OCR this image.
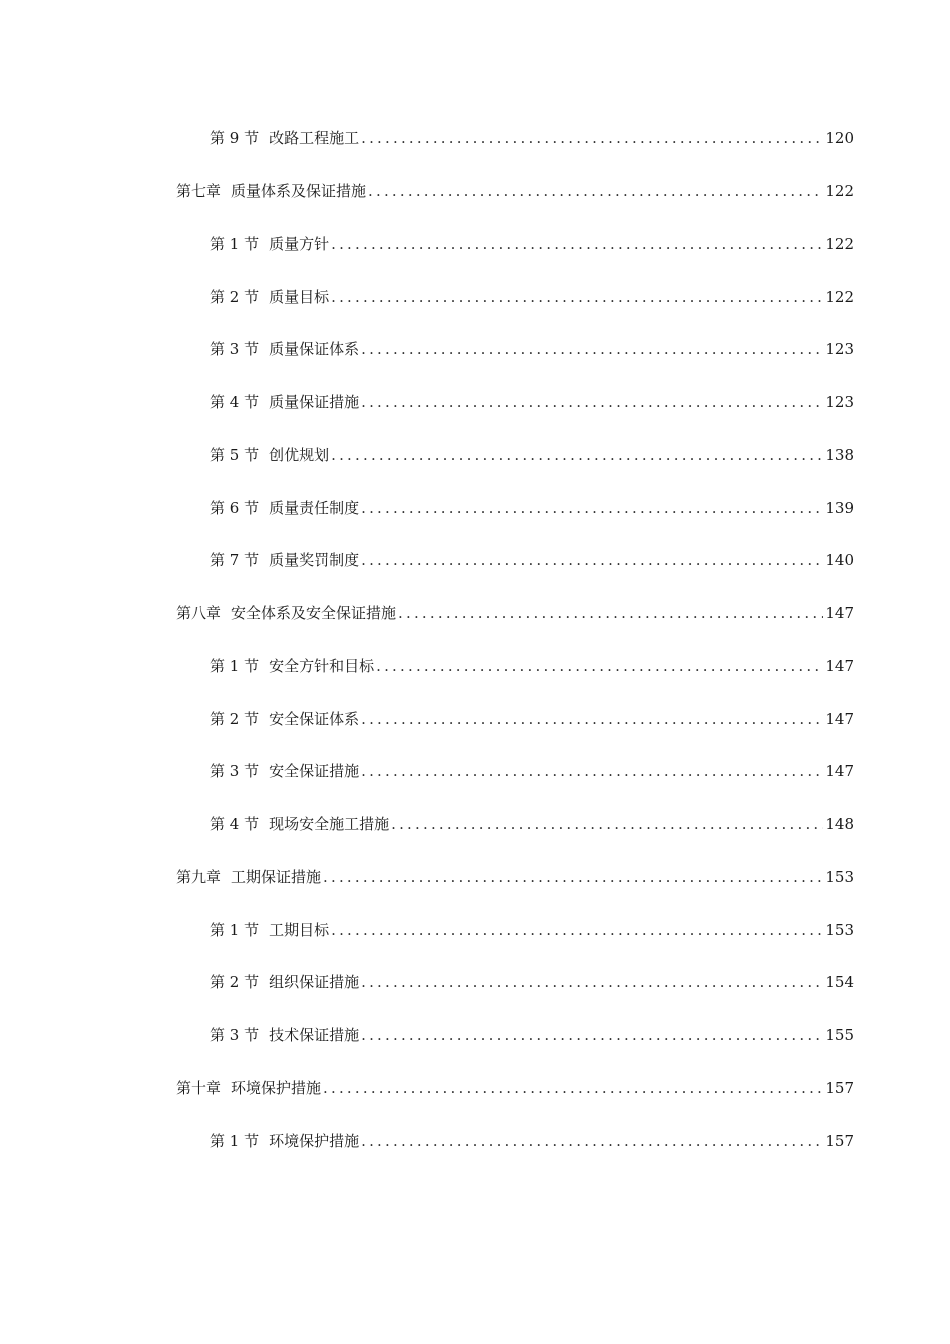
第 9 节 改路工程施工 .....	120
第七章 质量体系及保证措施 .....	122
第 1 节 质量方针 .....	122
第 2 节 质量目标 .....	122
第 3 节 质量保证体系 .....	123
第 4 节 质量保证措施 .....	123
第 5 节 创优规划 .....	138
第 6 节 质量责任制度 .....	139
第 7 节 质量奖罚制度 .....	140
第八章 安全体系及安全保证措施 .....	147
第 1 节 安全方针和目标 .....	147
第 2 节 安全保证体系 .....	147
第 3 节 安全保证措施 .....	147
第 4 节 现场安全施工措施 .....	148
第九章 工期保证措施 .....	153
第 1 节 工期目标 .....	153
第 2 节 组织保证措施 .....	154
第 3 节 技术保证措施 .....	155
第十章 环境保护措施 .....	157
第 1 节 环境保护措施 .....	157
